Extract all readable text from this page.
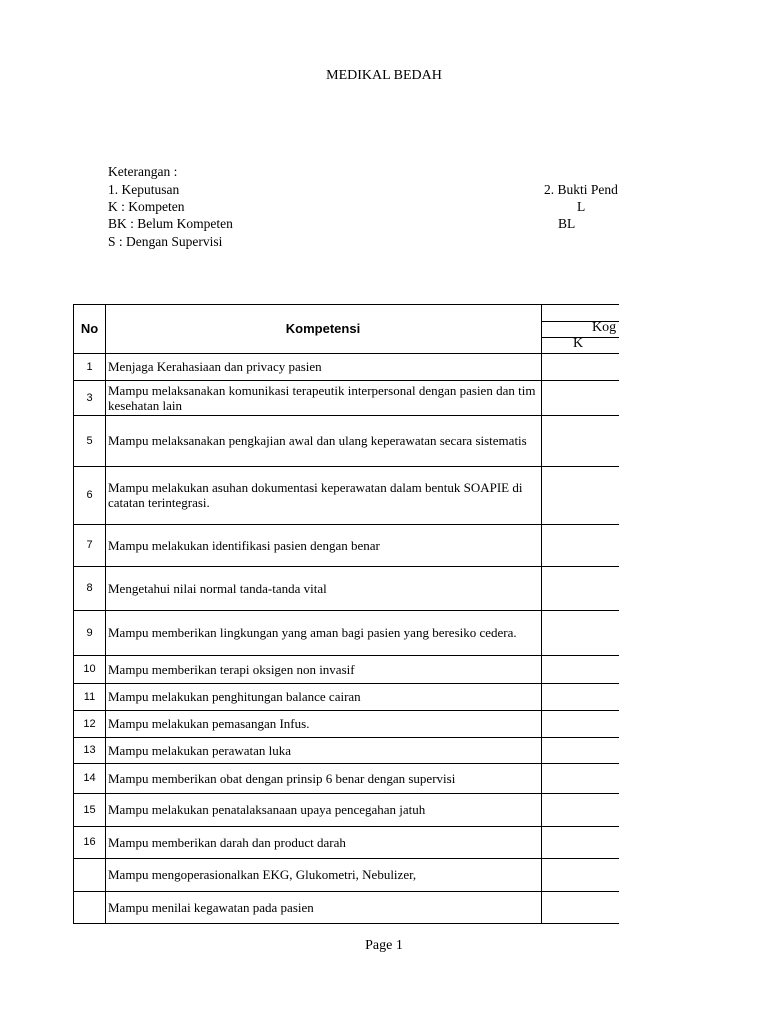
MEDIKAL BEDAH
Keterangan :
1. Keputusan
K : Kompeten
BK : Belum Kompeten
S : Dengan Supervisi
2. Bukti Pend
L
BL
No	Kompetensi	Kog
K
1	Menjaga Kerahasiaan dan privacy pasien
3	Mampu melaksanakan komunikasi terapeutik interpersonal dengan pasien dan tim kesehatan lain
5	Mampu melaksanakan pengkajian awal dan ulang keperawatan secara sistematis
6	Mampu melakukan asuhan dokumentasi keperawatan dalam bentuk SOAPIE di catatan terintegrasi.
7	Mampu melakukan identifikasi pasien dengan benar
8	Mengetahui nilai normal tanda-tanda vital
9	Mampu memberikan lingkungan yang aman bagi pasien yang beresiko cedera.
10 Mampu memberikan terapi oksigen non invasif
11 Mampu melakukan penghitungan balance cairan
12 Mampu melakukan pemasangan Infus.
13 Mampu melakukan perawatan luka
14 Mampu memberikan obat dengan prinsip 6 benar dengan supervisi
15 Mampu melakukan penatalaksanaan upaya pencegahan jatuh
16 Mampu memberikan darah dan product darah
Mampu mengoperasionalkan EKG, Glukometri, Nebulizer,
Mampu menilai kegawatan pada pasien
Page 1
